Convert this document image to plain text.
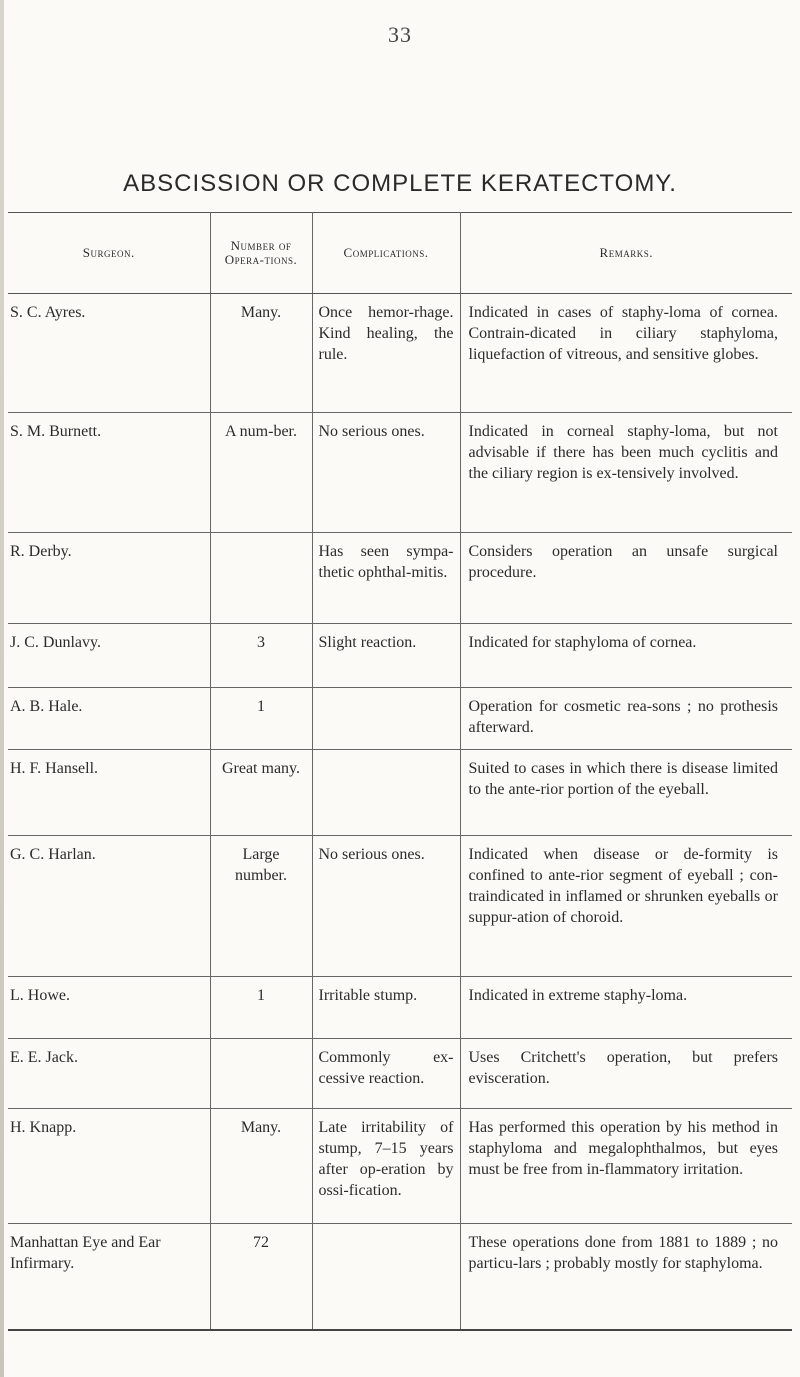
33
ABSCISSION OR COMPLETE KERATECTOMY.
Surgeon.	Number of Opera-tions.	Complications.	Remarks.
S. C. Ayres.	Many.	Once hemor-rhage. Kind healing, the rule.	Indicated in cases of staphy-loma of cornea. Contrain-dicated in ciliary staphyloma, liquefaction of vitreous, and sensitive globes.
S. M. Burnett.	A num-ber.	No serious ones.	Indicated in corneal staphy-loma, but not advisable if there has been much cyclitis and the ciliary region is ex-tensively involved.
R. Derby.		Has seen sympa-thetic ophthal-mitis.	Considers operation an unsafe surgical procedure.
J. C. Dunlavy.	3	Slight reaction.	Indicated for staphyloma of cornea.
A. B. Hale.	1		Operation for cosmetic rea-sons ; no prothesis afterward.
H. F. Hansell.	Great many.		Suited to cases in which there is disease limited to the ante-rior portion of the eyeball.
G. C. Harlan.	Large number.	No serious ones.	Indicated when disease or de-formity is confined to ante-rior segment of eyeball ; con-traindicated in inflamed or shrunken eyeballs or suppur-ation of choroid.
L. Howe.	1	Irritable stump.	Indicated in extreme staphy-loma.
E. E. Jack.		Commonly ex-cessive reaction.	Uses Critchett's operation, but prefers evisceration.
H. Knapp.	Many.	Late irritability of stump, 7–15 years after op-eration by ossi-fication.	Has performed this operation by his method in staphyloma and megalophthalmos, but eyes must be free from in-flammatory irritation.
Manhattan Eye and Ear Infirmary.	72		These operations done from 1881 to 1889 ; no particu-lars ; probably mostly for staphyloma.
